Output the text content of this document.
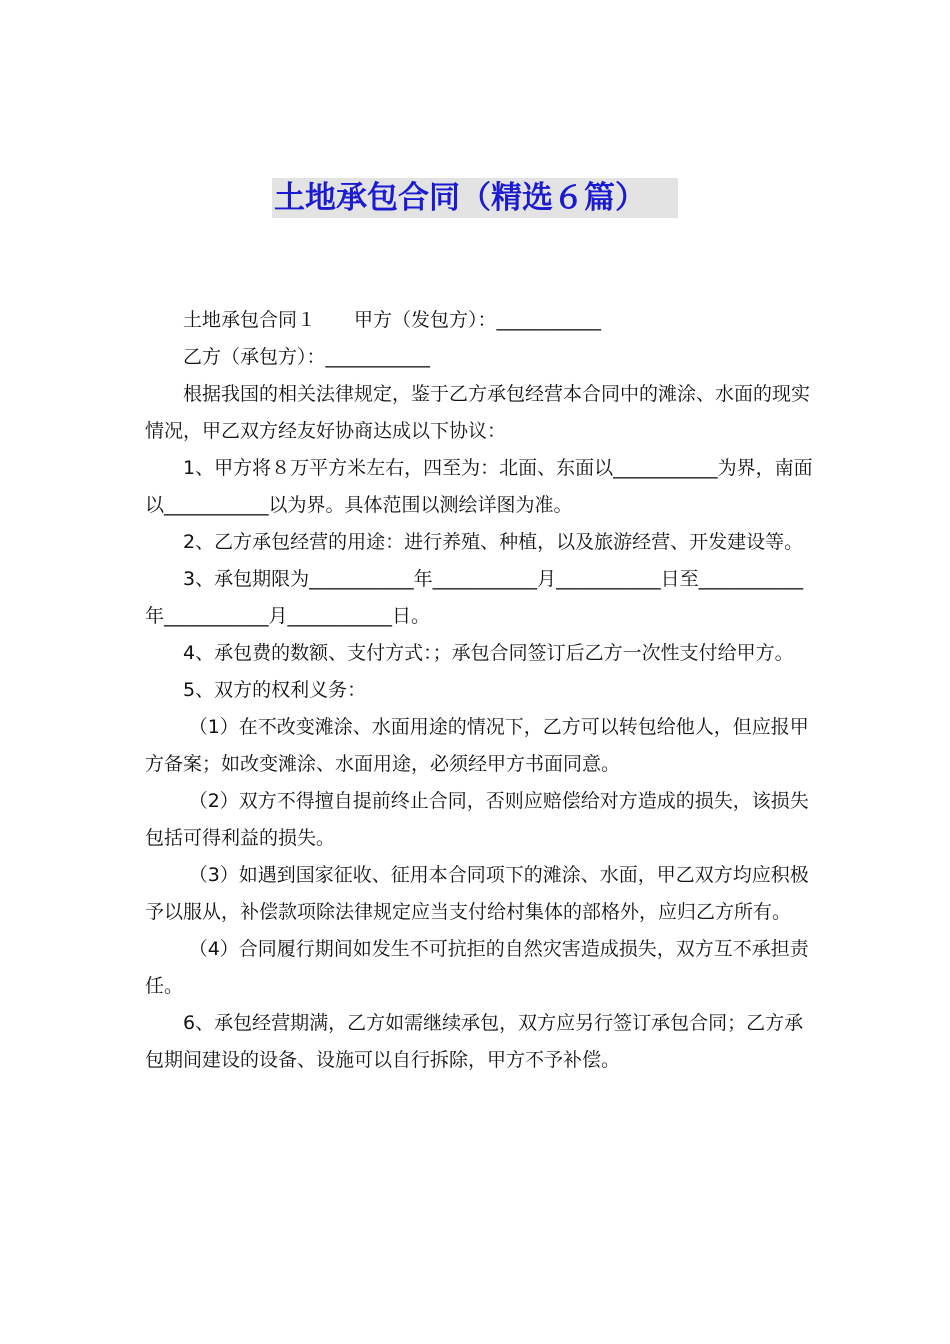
土地承包合同（精选６篇）

土地承包合同１　　甲方（发包方）：___________

乙方（承包方）：___________

根据我国的相关法律规定，鉴于乙方承包经营本合同中的滩涂、水面的现实情况，甲乙双方经友好协商达成以下协议：

1、甲方将８万平方米左右，四至为：北面、东面以___________为界，南面以___________以为界。具体范围以测绘详图为准。

2、乙方承包经营的用途：进行养殖、种植，以及旅游经营、开发建设等。

3、承包期限为___________年___________月___________日至___________年___________月___________日。

4、承包费的数额、支付方式：；承包合同签订后乙方一次性支付给甲方。

5、双方的权利义务：

（1）在不改变滩涂、水面用途的情况下，乙方可以转包给他人，但应报甲方备案；如改变滩涂、水面用途，必须经甲方书面同意。

（2）双方不得擅自提前终止合同，否则应赔偿给对方造成的损失，该损失包括可得利益的损失。

（3）如遇到国家征收、征用本合同项下的滩涂、水面，甲乙双方均应积极予以服从，补偿款项除法律规定应当支付给村集体的部格外，应归乙方所有。

（4）合同履行期间如发生不可抗拒的自然灾害造成损失，双方互不承担责任。

6、承包经营期满，乙方如需继续承包，双方应另行签订承包合同；乙方承包期间建设的设备、设施可以自行拆除，甲方不予补偿。
